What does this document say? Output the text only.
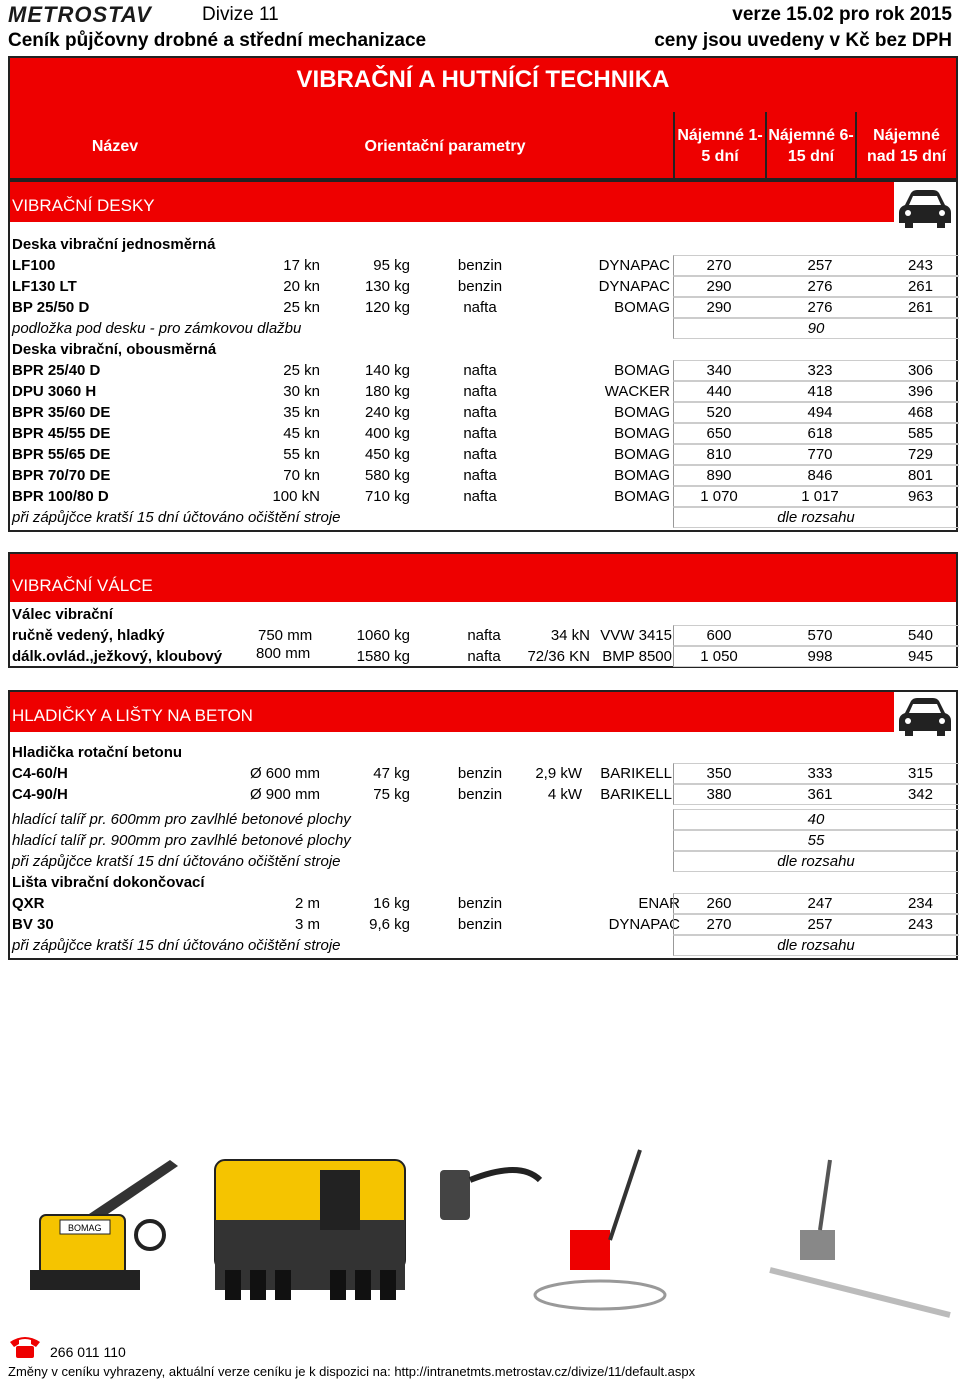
METROSTAV	Divize 11
Ceník půjčovny drobné a střední mechanizace
verze 15.02 pro rok 2015
ceny jsou uvedeny v Kč bez DPH
VIBRAČNÍ A HUTNÍCÍ TECHNIKA
Název	Orientační parametry
Nájemné 1-5 dní
Nájemné 6-15 dní
Nájemné nad 15 dní
VIBRAČNÍ DESKY
Deska vibrační jednosměrná
LF100	17 kn	95 kg	benzin	DYNAPAC	270	257	243
LF130 LT	20 kn	130 kg	benzin	DYNAPAC	290	276	261
BP 25/50 D	25 kn	120 kg	nafta	BOMAG	290	276	261
podložka pod desku - pro zámkovou dlažbu	90
Deska vibrační, obousměrná
BPR 25/40 D	25 kn	140 kg	nafta	BOMAG	340	323	306
DPU 3060 H	30 kn	180 kg	nafta	WACKER	440	418	396
BPR 35/60 DE	35 kn	240 kg	nafta	BOMAG	520	494	468
BPR 45/55 DE	45 kn	400 kg	nafta	BOMAG	650	618	585
BPR 55/65 DE	55 kn	450 kg	nafta	BOMAG	810	770	729
BPR 70/70 DE	70 kn	580 kg	nafta	BOMAG	890	846	801
BPR 100/80 D	100 kN	710 kg	nafta	BOMAG	1 070	1 017	963
při zápůjčce kratší 15 dní účtováno očištění stroje	dle rozsahu
VIBRAČNÍ VÁLCE
Válec vibrační
ručně vedený, hladký	750 mm	1060 kg	nafta	34 kN VVW 3415	600	570	540
dálk.ovlád.,ježkový, kloubový 800 mm	1580 kg	nafta	72/36 KN BMP 8500	1 050	998	945
HLADIČKY A LIŠTY NA BETON
Hladička rotační betonu
C4-60/H	Ø 600 mm	47 kg	benzin	2,9 kW	BARIKELL	350	333	315
C4-90/H	Ø 900 mm	75 kg	benzin	4 kW	BARIKELL	380	361	342
hladící talíř pr. 600mm pro zavlhlé betonové plochy	40
hladící talíř pr. 900mm pro zavlhlé betonové plochy	55
při zápůjčce kratší 15 dní účtováno očištění stroje	dle rozsahu
Lišta vibrační dokončovací
QXR	2 m	16 kg	benzin	ENAR	260	247	234
BV 30	3 m	9,6 kg	benzin	DYNAPAC	270	257	243
při zápůjčce kratší 15 dní účtováno očištění stroje	dle rozsahu
BOMAG
266 011 110
Změny v ceníku vyhrazeny, aktuální verze ceníku je k dispozici na: http://intranetmts.metrostav.cz/divize/11/default.aspx
